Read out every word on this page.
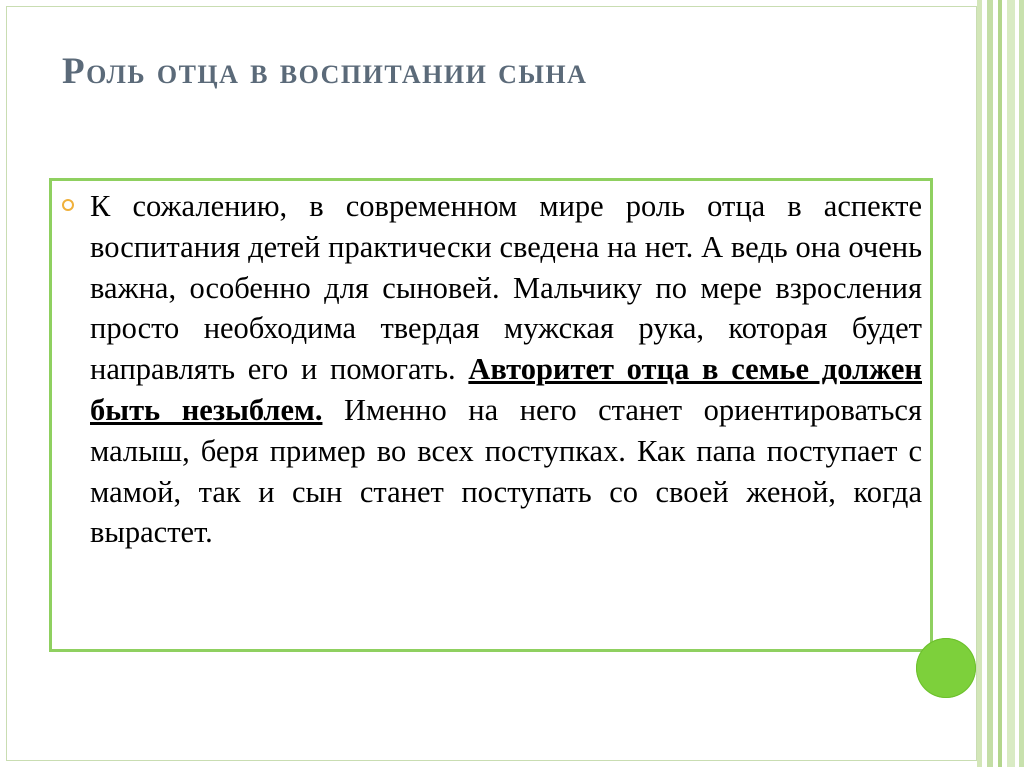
Роль отца в воспитании сына

К сожалению, в современном мире роль отца в аспекте воспитания детей практически сведена на нет. А ведь она очень важна, особенно для сыновей. Мальчику по мере взросления просто необходима твердая мужская рука, которая будет направлять его и помогать. Авторитет отца в семье должен быть незыблем. Именно на него станет ориентироваться малыш, беря пример во всех поступках. Как папа поступает с мамой, так и сын станет поступать со своей женой, когда вырастет.
